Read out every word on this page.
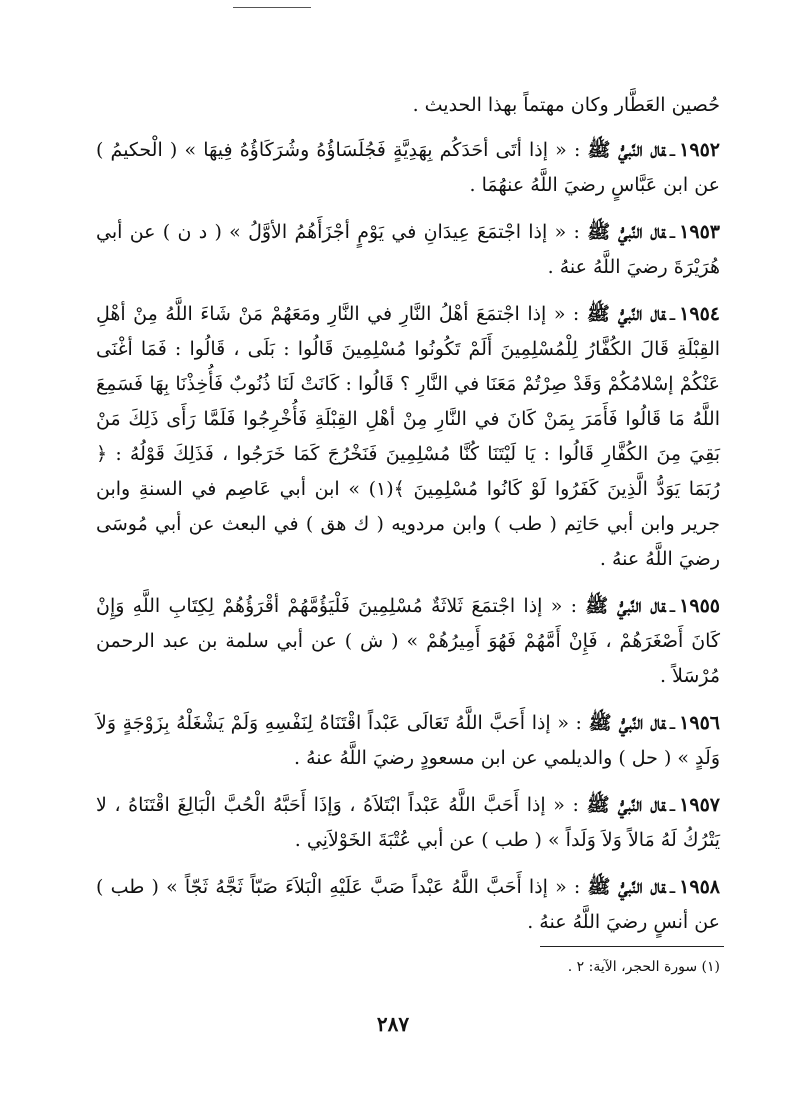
حُصين العَطَّار وكان مهتماً بهذا الحديث .

١٩٥٢ـقال النَّبيُّ ﷺ : « إذا أتَى أحَدَكُم بِهَدِيَّةٍ فَجُلَسَاؤُهُ وشُرَكَاؤُهُ فِيهَا » ( الْحكيمُ ) عن ابن عَبَّاسٍ رضيَ اللَّهُ عنهُمَا .

١٩٥٣ـقال النَّبيُّ ﷺ : « إذا اجْتمَعَ عِيدَانِ في يَوْمٍ أجْزَأَهُمُ الأوَّلُ » ( د ن ) عن أبي هُرَيْرَةَ رضيَ اللَّهُ عنهُ .

١٩٥٤ـقال النَّبيُّ ﷺ : « إذا اجْتمَعَ أهْلُ النَّارِ في النَّارِ ومَعَهُمْ مَنْ شَاءَ اللَّهُ مِنْ أهْلِ القِبْلَةِ قَالَ الكُفَّارُ لِلْمُسْلِمِينَ أَلَمْ تَكُونُوا مُسْلِمِينَ قَالُوا : بَلَى ، قَالُوا : فَمَا أغْنَى عَنْكُمْ إسْلامُكُمْ وَقَدْ صِرْتُمْ مَعَنَا في النَّارِ ؟ قَالُوا : كَانَتْ لَنَا ذُنُوبٌ فَأُخِذْنَا بِهَا فَسَمِعَ اللَّهُ مَا قَالُوا فَأَمَرَ بِمَنْ كَانَ في النَّارِ مِنْ أهْلِ القِبْلَةِ فَأُخْرِجُوا فَلَمَّا رَأَى ذَلِكَ مَنْ بَقِيَ مِنَ الكُفَّارِ قَالُوا : يَا لَيْتَنَا كُنَّا مُسْلِمِينَ فَنَخْرُجَ كَمَا خَرَجُوا ، فَذَلِكَ قَوْلُهُ : ﴿ رُبَمَا يَوَدُّ الَّذِينَ كَفَرُوا لَوْ كَانُوا مُسْلِمِينَ ﴾(١) » ابن أبي عَاصِم في السنةِ وابن جرير وابن أبي حَاتِم ( طب ) وابن مردويه ( ك هق ) في البعث عن أبي مُوسَى رضيَ اللَّهُ عنهُ .

١٩٥٥ـقال النَّبيُّ ﷺ : « إذا اجْتمَعَ ثَلاثَةٌ مُسْلِمِينَ فَلْيَؤُمَّهُمْ أقْرَؤُهُمْ لِكِتَابِ اللَّهِ وَإِنْ كَانَ أَصْغَرَهُمْ ، فَإِنْ أَمَّهُمْ فَهُوَ أَمِيرُهُمْ » ( ش ) عن أبي سلمة بن عبد الرحمن مُرْسَلاً .

١٩٥٦ـقال النَّبيُّ ﷺ : « إذا أَحَبَّ اللَّهُ تَعَالَى عَبْداً اقْتَنَاهُ لِنَفْسِهِ وَلَمْ يَشْغَلْهُ بِزَوْجَةٍ وَلاَ وَلَدٍ » ( حل ) والديلمي عن ابن مسعودٍ رضيَ اللَّهُ عنهُ .

١٩٥٧ـقال النَّبيُّ ﷺ : « إذا أَحَبَّ اللَّهُ عَبْداً ابْتَلاَهُ ، وَإذَا أَحَبَّهُ الْحُبَّ الْبَالِغَ اقْتَنَاهُ ، لا يَتْرُكُ لَهُ مَالاً وَلاَ وَلَداً » ( طب ) عن أبي عُتْبَةَ الخَوْلاَنِي .

١٩٥٨ـقال النَّبيُّ ﷺ : « إذا أَحَبَّ اللَّهُ عَبْداً صَبَّ عَلَيْهِ الْبَلاَءَ صَبّاً ثَجَّهُ ثَجّاً » ( طب ) عن أنسٍ رضيَ اللَّهُ عنهُ .

(١) سورة الحجر، الآية: ٢ .
٢٨٧
